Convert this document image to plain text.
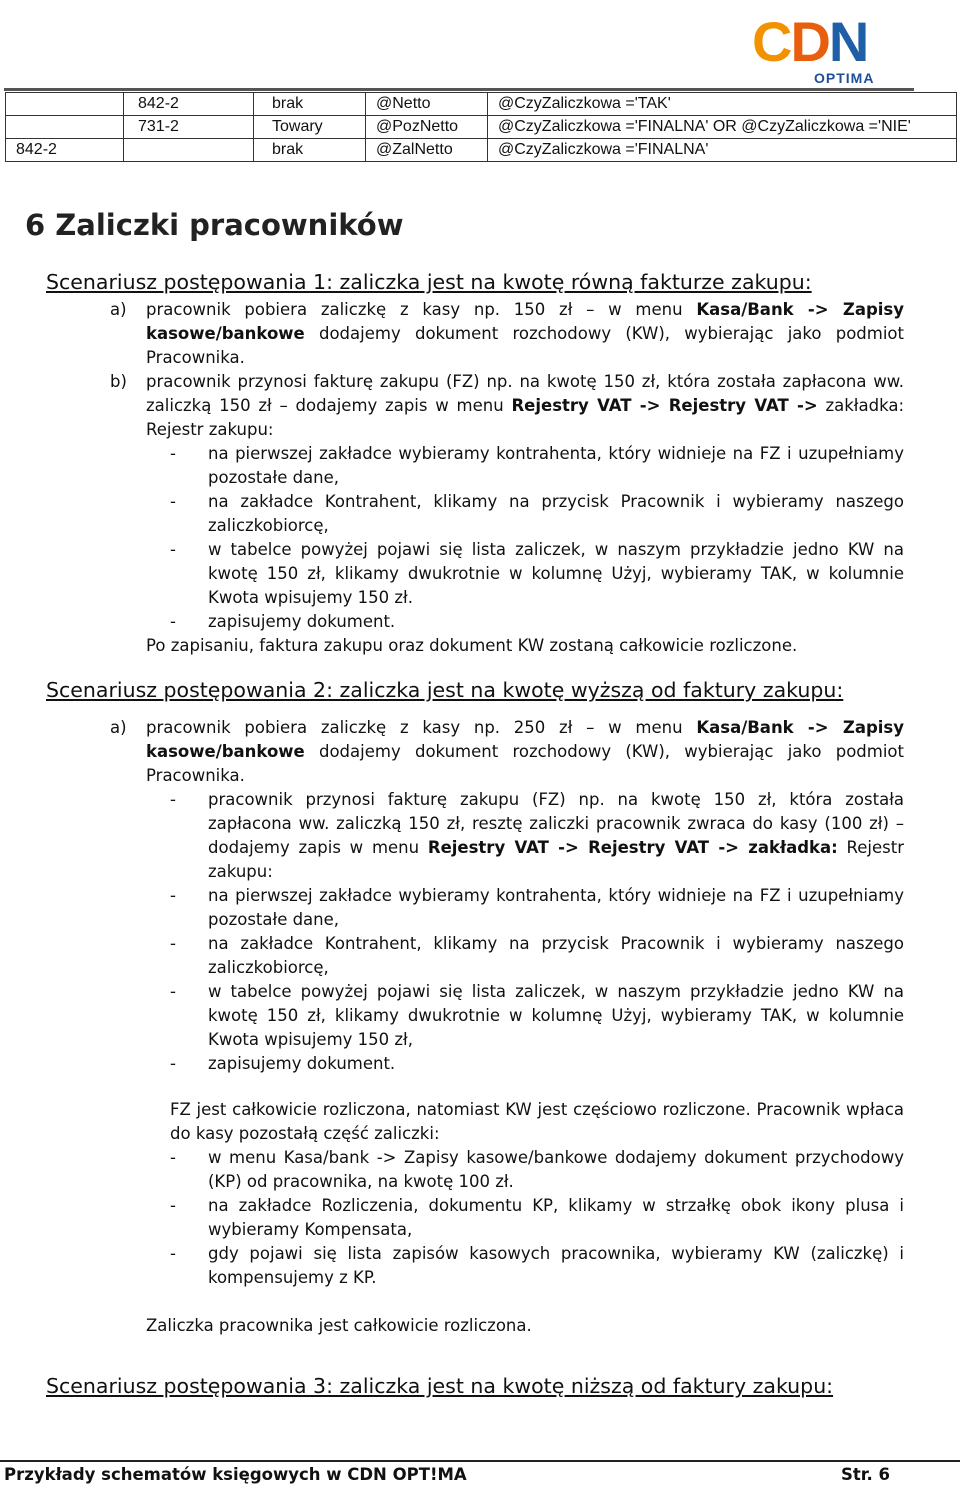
CDN
OPTIMA
	842-2	brak	@Netto	@CzyZaliczkowa ='TAK'
	731-2	Towary	@PozNetto	@CzyZaliczkowa ='FINALNA' OR @CzyZaliczkowa ='NIE'
842-2		brak	@ZalNetto	@CzyZaliczkowa ='FINALNA'
6 Zaliczki pracowników
Scenariusz postępowania 1: zaliczka jest na kwotę równą fakturze zakupu:
a)	pracownik pobiera zaliczkę z kasy np. 150 zł – w menu Kasa/Bank -> Zapisy kasowe/bankowe dodajemy dokument rozchodowy (KW), wybierając jako podmiot Pracownika.
b)	pracownik przynosi fakturę zakupu (FZ) np. na kwotę 150 zł, która została zapłacona ww. zaliczką 150 zł – dodajemy zapis w menu Rejestry VAT -> Rejestry VAT -> zakładka: Rejestr zakupu:
-	na pierwszej zakładce wybieramy kontrahenta, który widnieje na FZ i uzupełniamy pozostałe dane,
-	na zakładce Kontrahent, klikamy na przycisk Pracownik i wybieramy naszego zaliczkobiorcę,
-	w tabelce powyżej pojawi się lista zaliczek, w naszym przykładzie jedno KW na kwotę 150 zł, klikamy dwukrotnie w kolumnę Użyj, wybieramy TAK, w kolumnie Kwota wpisujemy 150 zł.
-	zapisujemy dokument.
Po zapisaniu, faktura zakupu oraz dokument KW zostaną całkowicie rozliczone.
Scenariusz postępowania 2: zaliczka jest na kwotę wyższą od faktury zakupu:
a)	pracownik pobiera zaliczkę z kasy np. 250 zł – w menu Kasa/Bank -> Zapisy kasowe/bankowe dodajemy dokument rozchodowy (KW), wybierając jako podmiot Pracownika.
-	pracownik przynosi fakturę zakupu (FZ) np. na kwotę 150 zł, która została zapłacona ww. zaliczką 150 zł, resztę zaliczki pracownik zwraca do kasy (100 zł) – dodajemy zapis w menu Rejestry VAT -> Rejestry VAT -> zakładka: Rejestr zakupu:
-	na pierwszej zakładce wybieramy kontrahenta, który widnieje na FZ i uzupełniamy pozostałe dane,
-	na zakładce Kontrahent, klikamy na przycisk Pracownik i wybieramy naszego zaliczkobiorcę,
-	w tabelce powyżej pojawi się lista zaliczek, w naszym przykładzie jedno KW na kwotę 150 zł, klikamy dwukrotnie w kolumnę Użyj, wybieramy TAK, w kolumnie Kwota wpisujemy 150 zł,
-	zapisujemy dokument.
FZ jest całkowicie rozliczona, natomiast KW jest częściowo rozliczone. Pracownik wpłaca do kasy pozostałą część zaliczki:
-	w menu Kasa/bank -> Zapisy kasowe/bankowe dodajemy dokument przychodowy (KP) od pracownika, na kwotę 100 zł.
-	na zakładce Rozliczenia, dokumentu KP, klikamy w strzałkę obok ikony plusa i wybieramy Kompensata,
-	gdy pojawi się lista zapisów kasowych pracownika, wybieramy KW (zaliczkę) i kompensujemy z KP.
Zaliczka pracownika jest całkowicie rozliczona.
Scenariusz postępowania 3: zaliczka jest na kwotę niższą od faktury zakupu:
Przykłady schematów księgowych w CDN OPT!MA	Str. 6
